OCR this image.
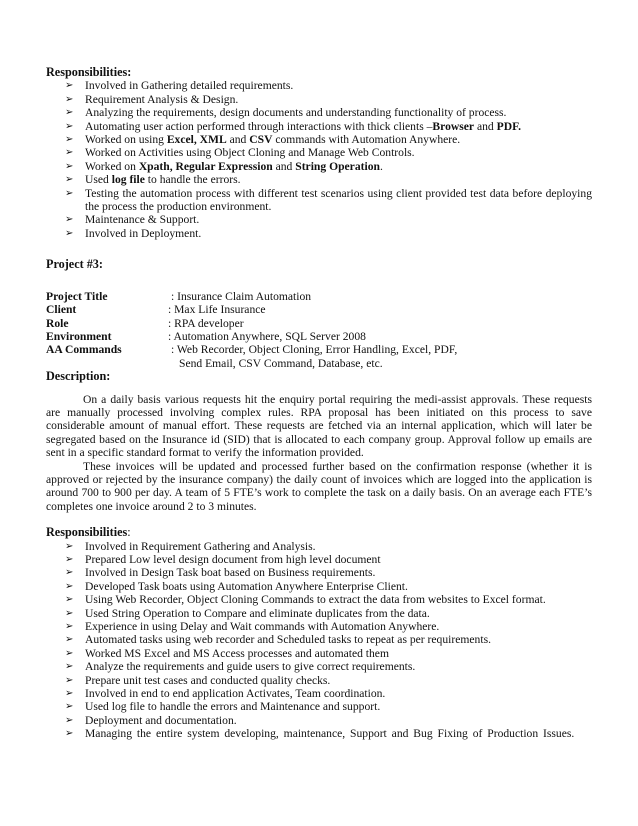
Responsibilities:
➢ Involved in Gathering detailed requirements.
➢ Requirement Analysis & Design.
➢ Analyzing the requirements, design documents and understanding functionality of process.
➢ Automating user action performed through interactions with thick clients –Browser and PDF.
➢ Worked on using Excel, XML and CSV commands with Automation Anywhere.
➢ Worked on Activities using Object Cloning and Manage Web Controls.
➢ Worked on Xpath, Regular Expression and String Operation.
➢ Used log file to handle the errors.
➢ Testing the automation process with different test scenarios using client provided test data before deploying the process the production environment.
➢ Maintenance & Support.
➢ Involved in Deployment.
Project #3:
Project Title	: Insurance Claim Automation
Client	: Max Life Insurance
Role	: RPA developer
Environment	: Automation Anywhere, SQL Server 2008
AA Commands	: Web Recorder, Object Cloning, Error Handling, Excel, PDF,
Send Email, CSV Command, Database, etc.
Description:

On a daily basis various requests hit the enquiry portal requiring the medi-assist approvals. These requests are manually processed involving complex rules. RPA proposal has been initiated on this process to save considerable amount of manual effort. These requests are fetched via an internal application, which will later be segregated based on the Insurance id (SID) that is allocated to each company group. Approval follow up emails are sent in a specific standard format to verify the information provided.

These invoices will be updated and processed further based on the confirmation response (whether it is approved or rejected by the insurance company) the daily count of invoices which are logged into the application is around 700 to 900 per day. A team of 5 FTE’s work to complete the task on a daily basis. On an average each FTE’s completes one invoice around 2 to 3 minutes.

Responsibilities:
➢ Involved in Requirement Gathering and Analysis.
➢ Prepared Low level design document from high level document
➢ Involved in Design Task boat based on Business requirements.
➢ Developed Task boats using Automation Anywhere Enterprise Client.
➢ Using Web Recorder, Object Cloning Commands to extract the data from websites to Excel format.
➢ Used String Operation to Compare and eliminate duplicates from the data.
➢ Experience in using Delay and Wait commands with Automation Anywhere.
➢ Automated tasks using web recorder and Scheduled tasks to repeat as per requirements.
➢ Worked MS Excel and MS Access processes and automated them
➢ Analyze the requirements and guide users to give correct requirements.
➢ Prepare unit test cases and conducted quality checks.
➢ Involved in end to end application Activates, Team coordination.
➢ Used log file to handle the errors and Maintenance and support.
➢ Deployment and documentation.
➢ Managing the entire system developing, maintenance, Support and Bug Fixing of Production Issues.
